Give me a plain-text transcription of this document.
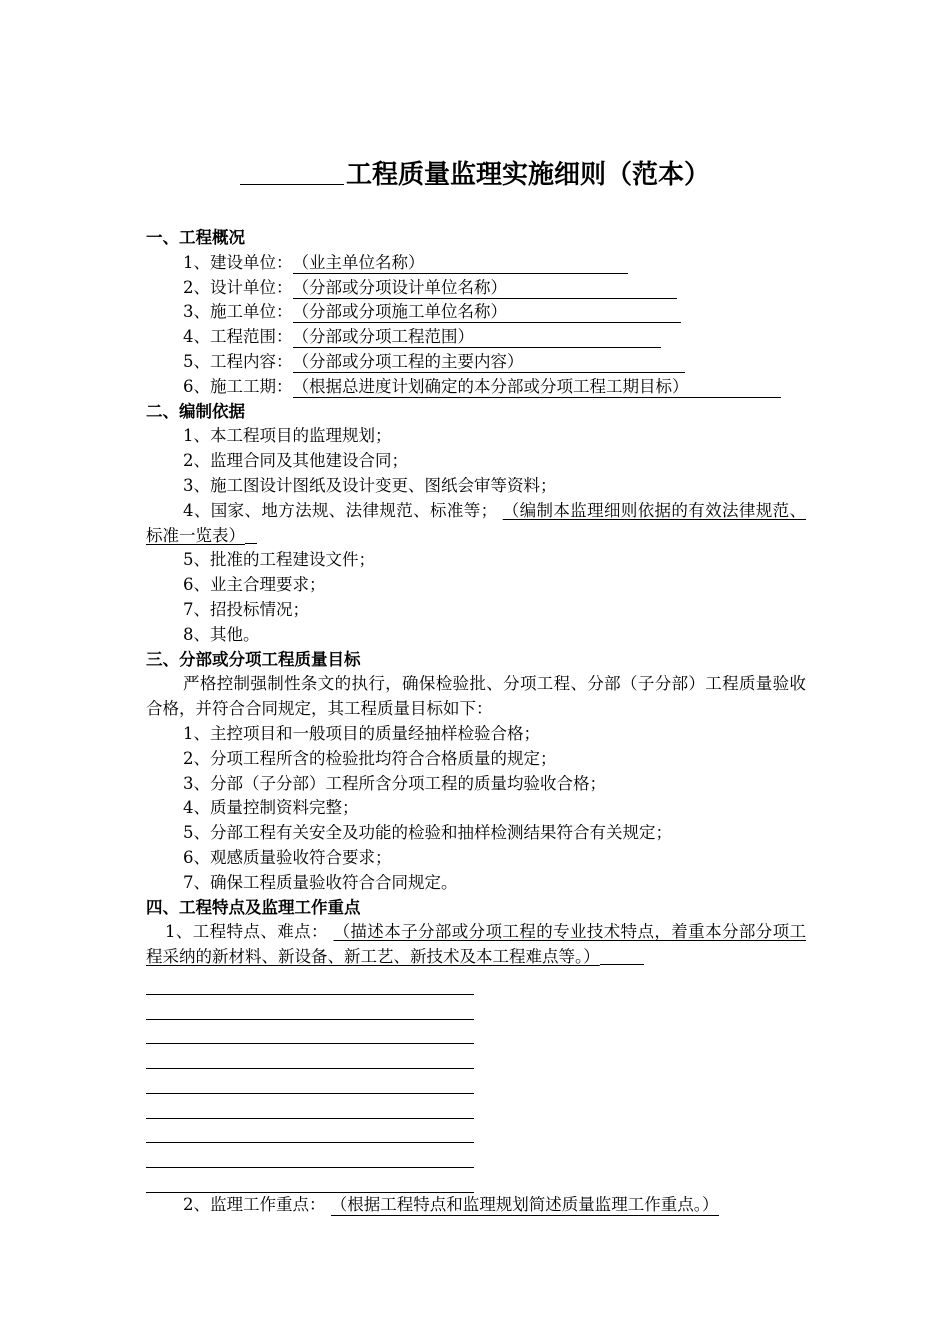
工程质量监理实施细则（范本）
一、工程概况
1、建设单位：（业主单位名称）
2、设计单位：（分部或分项设计单位名称）
3、施工单位：（分部或分项施工单位名称）
4、工程范围：（分部或分项工程范围）
5、工程内容：（分部或分项工程的主要内容）
6、施工工期：（根据总进度计划确定的本分部或分项工程工期目标）
二、编制依据
1、本工程项目的监理规划；
2、监理合同及其他建设合同；
3、施工图设计图纸及设计变更、图纸会审等资料；
4、国家、地方法规、法律规范、标准等； （编制本监理细则依据的有效法律规范、标准一览表）
5、批准的工程建设文件；
6、业主合理要求；
7、招投标情况；
8、其他。
三、分部或分项工程质量目标
严格控制强制性条文的执行，确保检验批、分项工程、分部（子分部）工程质量验收合格，并符合合同规定，其工程质量目标如下：
1、主控项目和一般项目的质量经抽样检验合格；
2、分项工程所含的检验批均符合合格质量的规定；
3、分部（子分部）工程所含分项工程的质量均验收合格；
4、质量控制资料完整；
5、分部工程有关安全及功能的检验和抽样检测结果符合有关规定；
6、观感质量验收符合要求；
7、确保工程质量验收符合合同规定。
四、工程特点及监理工作重点
1、工程特点、难点： （描述本子分部或分项工程的专业技术特点，着重本分部分项工程采纳的新材料、新设备、新工艺、新技术及本工程难点等。）
2、监理工作重点： （根据工程特点和监理规划简述质量监理工作重点。）
